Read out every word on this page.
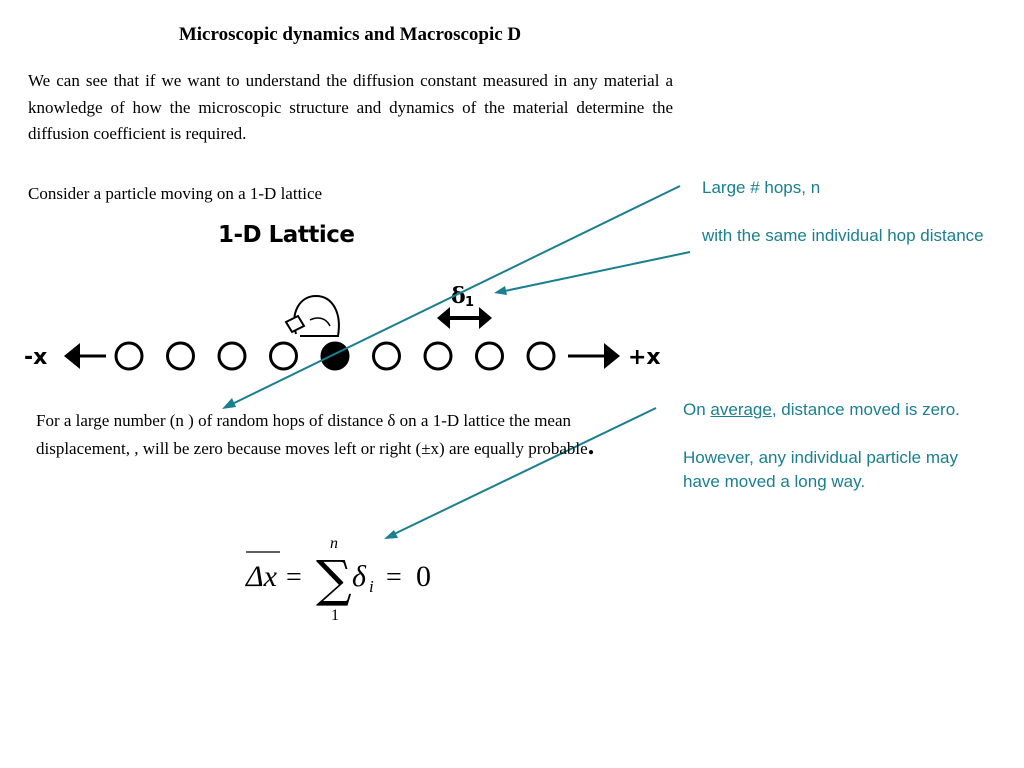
Microscopic dynamics and Macroscopic D
We can see that if we want to understand the diffusion constant measured in any material a knowledge of how the microscopic structure and dynamics of the material determine the diffusion coefficient is required.
Consider a particle moving on a 1-D lattice
1-D Lattice
-x	+x
δ 1
For a large number (n ) of random hops of distance δ on a 1-D lattice the mean displacement, , will be zero because moves left or right (±x) are equally probable.
Large # hops, n
with the same individual hop distance
On average, distance moved is zero.
However, any individual particle may have moved a long way.
Δx =
n
∑
1
δ i = 0
